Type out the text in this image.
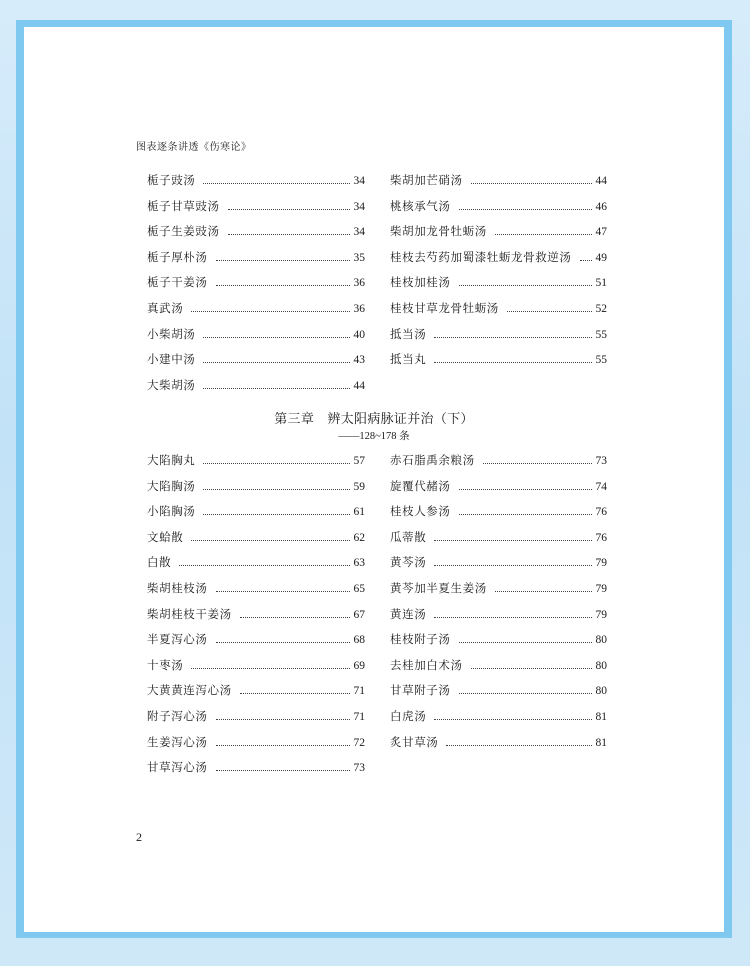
图表逐条讲透《伤寒论》
栀子豉汤	34
栀子甘草豉汤	34
栀子生姜豉汤	34
栀子厚朴汤	35
栀子干姜汤	36
真武汤	36
小柴胡汤	40
小建中汤	43
大柴胡汤	44
柴胡加芒硝汤	44
桃核承气汤	46
柴胡加龙骨牡蛎汤	47
桂枝去芍药加蜀漆牡蛎龙骨救逆汤 49
桂枝加桂汤	51
桂枝甘草龙骨牡蛎汤	52
抵当汤	55
抵当丸	55
第三章　辨太阳病脉证并治（下）
——128~178 条
大陷胸丸	57
大陷胸汤	59
小陷胸汤	61
文蛤散	62
白散	63
柴胡桂枝汤	65
柴胡桂枝干姜汤	67
半夏泻心汤	68
十枣汤	69
大黄黄连泻心汤	71
附子泻心汤	71
生姜泻心汤	72
甘草泻心汤	73
赤石脂禹余粮汤	73
旋覆代赭汤	74
桂枝人参汤	76
瓜蒂散	76
黄芩汤	79
黄芩加半夏生姜汤	79
黄连汤	79
桂枝附子汤	80
去桂加白术汤	80
甘草附子汤	80
白虎汤	81
炙甘草汤	81
2
